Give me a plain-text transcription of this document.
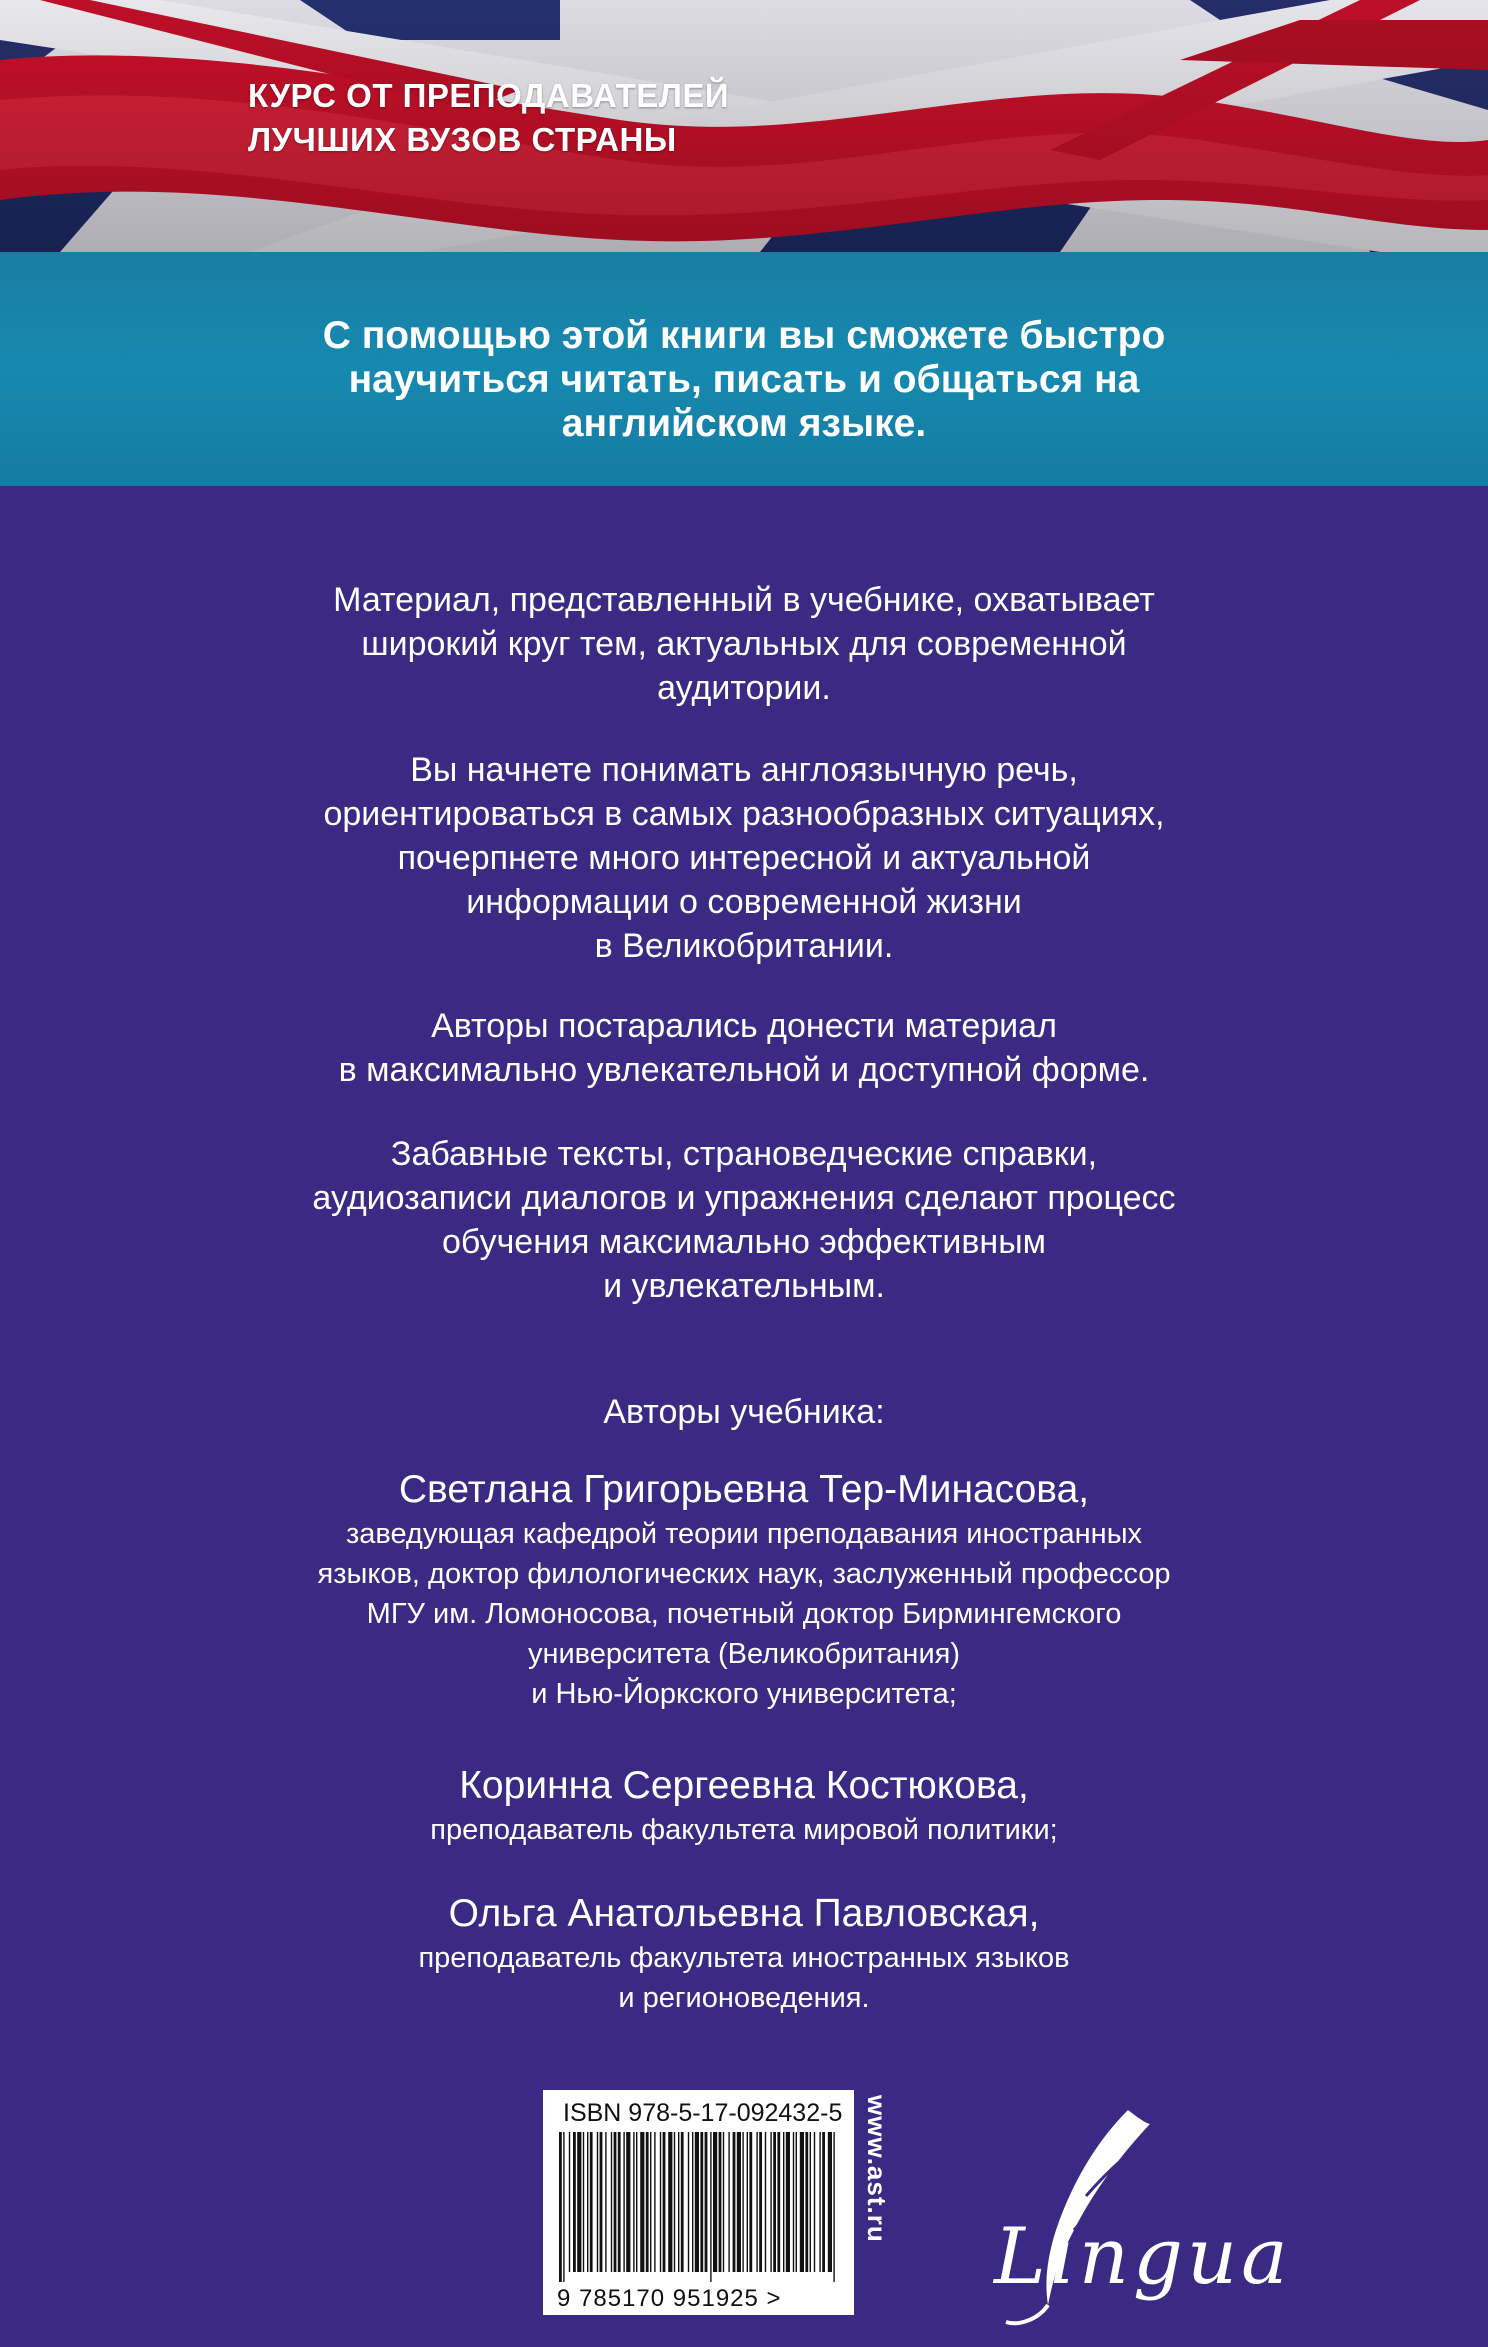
КУРС ОТ ПРЕПОДАВАТЕЛЕЙ
ЛУЧШИХ ВУЗОВ СТРАНЫ
С помощью этой книги вы сможете быстро
научиться читать, писать и общаться на
английском языке.
Материал, представленный в учебнике, охватывает
широкий круг тем, актуальных для современной
аудитории.
Вы начнете понимать англоязычную речь,
ориентироваться в самых разнообразных ситуациях,
почерпнете много интересной и актуальной
информации о современной жизни
в Великобритании.
Авторы постарались донести материал
в максимально увлекательной и доступной форме.
Забавные тексты, страноведческие справки,
аудиозаписи диалогов и упражнения сделают процесс
обучения максимально эффективным
и увлекательным.
Авторы учебника:
Светлана Григорьевна Тер-Минасова,
заведующая кафедрой теории преподавания иностранных
языков, доктор филологических наук, заслуженный профессор
МГУ им. Ломоносова, почетный доктор Бирмингемского
университета (Великобритания)
и Нью-Йоркского университета;
Коринна Сергеевна Костюкова,
преподаватель факультета мировой политики;
Ольга Анатольевна Павловская,
преподаватель факультета иностранных языков
и регионоведения.
ISBN 978-5-17-092432-5
9 785170 951925 >
www.ast.ru
Lingua
